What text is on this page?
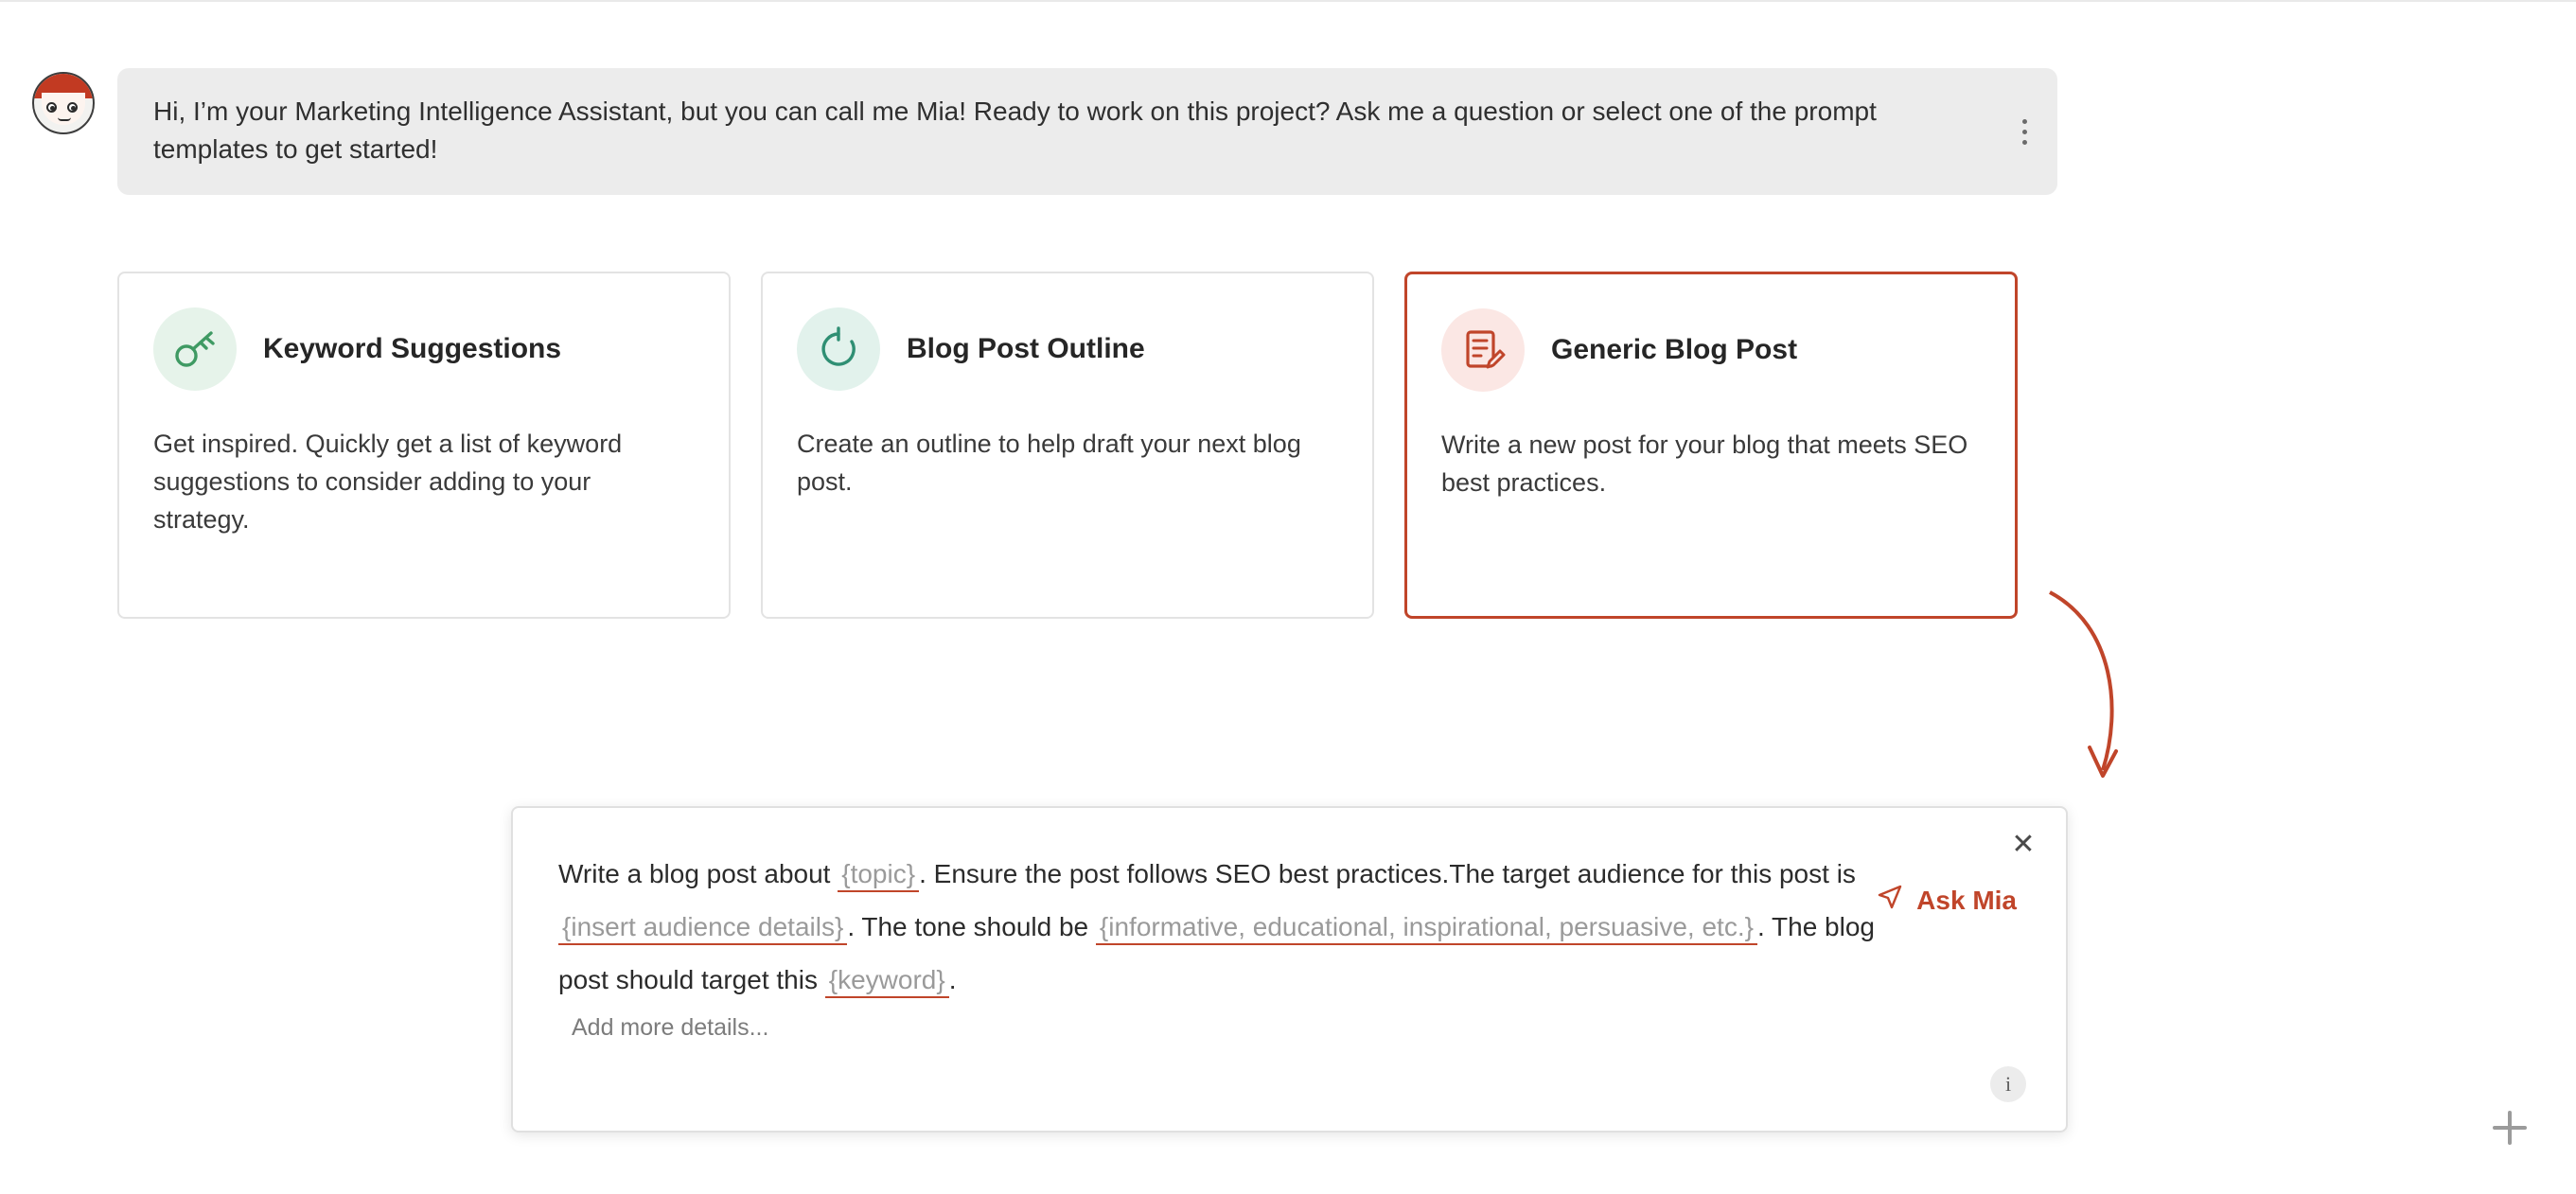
Hi, I’m your Marketing Intelligence Assistant, but you can call me Mia! Ready to work on this project? Ask me a question or select one of the prompt templates to get started!
Keyword Suggestions
Get inspired. Quickly get a list of keyword suggestions to consider adding to your strategy.
Blog Post Outline
Create an outline to help draft your next blog post.
Generic Blog Post
Write a new post for your blog that meets SEO best practices.
✕
Ask Mia
Write a blog post about {topic} . Ensure the post follows SEO best practices.The target audience for this post is {insert audience details} . The tone should be {informative, educational, inspirational, persuasive, etc.} . The blog post should target this {keyword} .
Add more details...
i
